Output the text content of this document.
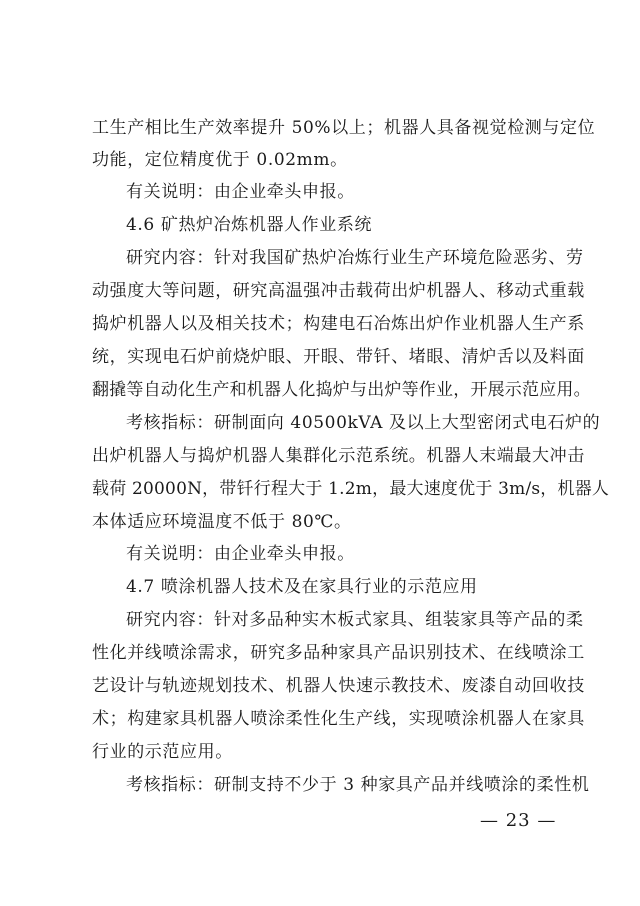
工生产相比生产效率提升 50%以上；机器人具备视觉检测与定位
功能，定位精度优于 0.02mm。
有关说明：由企业牵头申报。
4.6 矿热炉冶炼机器人作业系统
研究内容：针对我国矿热炉冶炼行业生产环境危险恶劣、劳
动强度大等问题，研究高温强冲击载荷出炉机器人、移动式重载
捣炉机器人以及相关技术；构建电石冶炼出炉作业机器人生产系
统，实现电石炉前烧炉眼、开眼、带钎、堵眼、清炉舌以及料面
翻撬等自动化生产和机器人化捣炉与出炉等作业，开展示范应用。
考核指标：研制面向 40500kVA 及以上大型密闭式电石炉的
出炉机器人与捣炉机器人集群化示范系统。机器人末端最大冲击
载荷 20000N，带钎行程大于 1.2m，最大速度优于 3m/s，机器人
本体适应环境温度不低于 80℃。
有关说明：由企业牵头申报。
4.7 喷涂机器人技术及在家具行业的示范应用
研究内容：针对多品种实木板式家具、组装家具等产品的柔
性化并线喷涂需求，研究多品种家具产品识别技术、在线喷涂工
艺设计与轨迹规划技术、机器人快速示教技术、废漆自动回收技
术；构建家具机器人喷涂柔性化生产线，实现喷涂机器人在家具
行业的示范应用。
考核指标：研制支持不少于 3 种家具产品并线喷涂的柔性机
— 23 —
